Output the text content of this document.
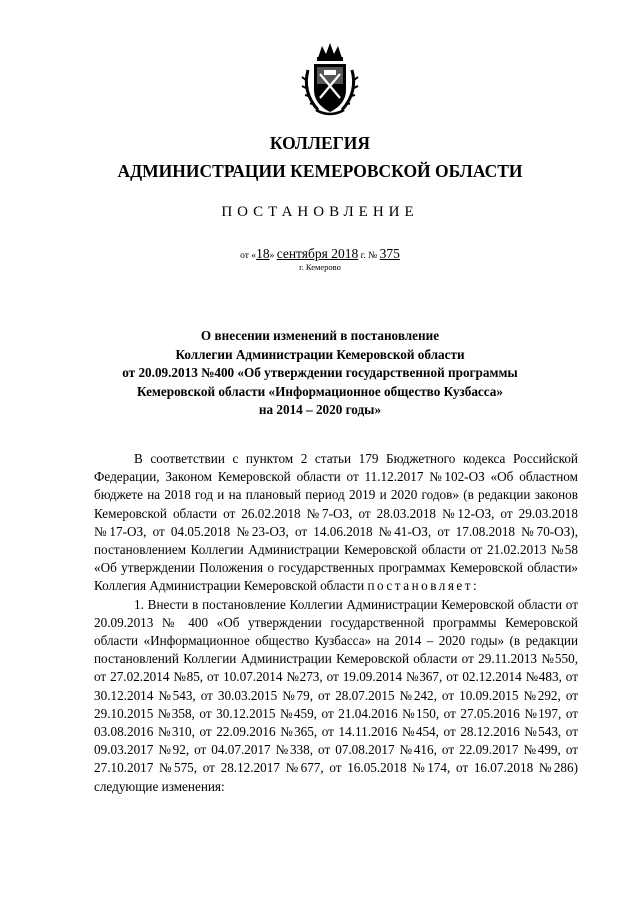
КОЛЛЕГИЯ
АДМИНИСТРАЦИИ КЕМЕРОВСКОЙ ОБЛАСТИ
ПОСТАНОВЛЕНИЕ
от «18» сентября 2018 г. № 375
г. Кемерово
О внесении изменений в постановление
Коллегии Администрации Кемеровской области
от 20.09.2013 №400 «Об утверждении государственной программы
Кемеровской области «Информационное общество Кузбасса»
на 2014 – 2020 годы»

В соответствии с пунктом 2 статьи 179 Бюджетного кодекса Российской Федерации, Законом Кемеровской области от 11.12.2017 №102-ОЗ «Об областном бюджете на 2018 год и на плановый период 2019 и 2020 годов» (в редакции законов Кемеровской области от 26.02.2018 №7-ОЗ, от 28.03.2018 №12-ОЗ, от 29.03.2018 №17-ОЗ, от 04.05.2018 №23-ОЗ, от 14.06.2018 №41-ОЗ, от 17.08.2018 №70-ОЗ), постановлением Коллегии Администрации Кемеровской области от 21.02.2013 №58 «Об утверждении Положения о государственных программах Кемеровской области» Коллегия Администрации Кемеровской области постановляет:

1. Внести в постановление Коллегии Администрации Кемеровской области от 20.09.2013 № 400 «Об утверждении государственной программы Кемеровской области «Информационное общество Кузбасса» на 2014 – 2020 годы» (в редакции постановлений Коллегии Администрации Кемеровской области от 29.11.2013 №550, от 27.02.2014 №85, от 10.07.2014 №273, от 19.09.2014 №367, от 02.12.2014 №483, от 30.12.2014 №543, от 30.03.2015 №79, от 28.07.2015 №242, от 10.09.2015 №292, от 29.10.2015 №358, от 30.12.2015 №459, от 21.04.2016 №150, от 27.05.2016 №197, от 03.08.2016 №310, от 22.09.2016 №365, от 14.11.2016 №454, от 28.12.2016 №543, от 09.03.2017 №92, от 04.07.2017 №338, от 07.08.2017 №416, от 22.09.2017 №499, от 27.10.2017 №575, от 28.12.2017 №677, от 16.05.2018 №174, от 16.07.2018 №286) следующие изменения:
